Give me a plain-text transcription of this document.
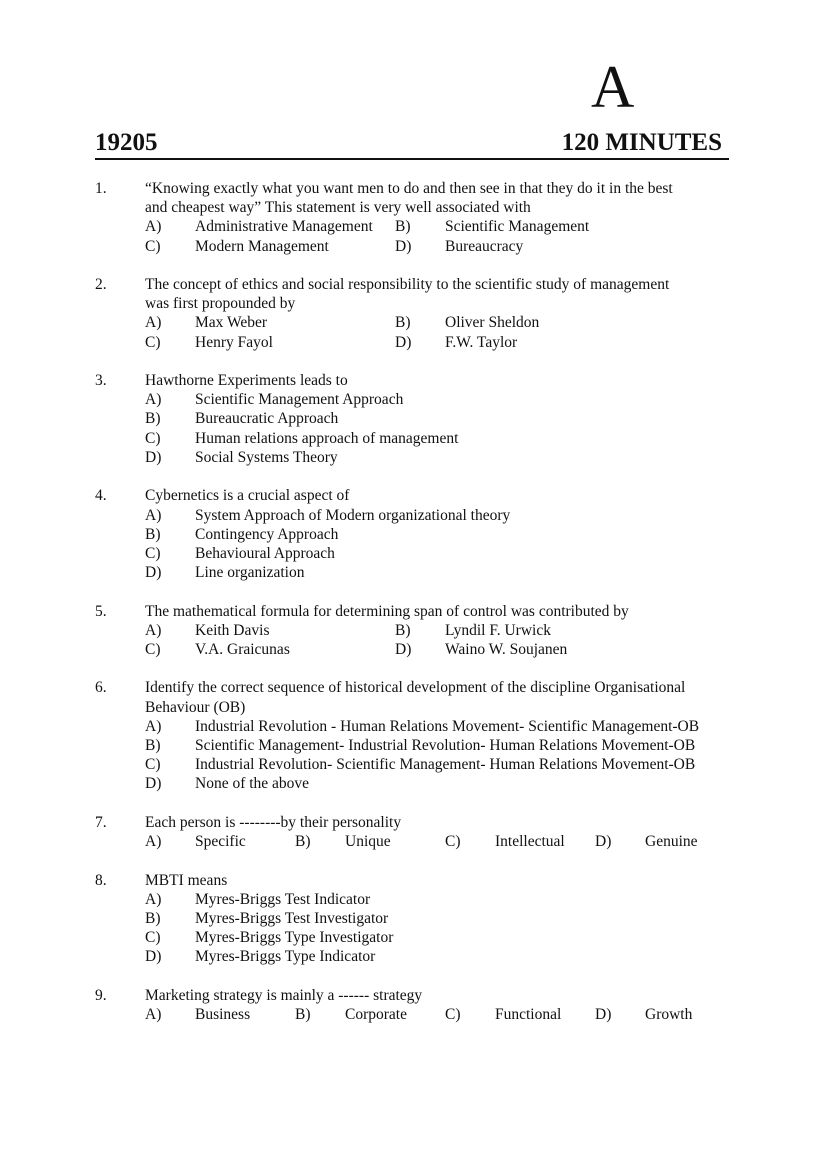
A
19205	120 MINUTES
1. “Knowing exactly what you want men to do and then see in that they do it in the best
and cheapest way” This statement is very well associated with
A) Administrative Management B) Scientific Management
C) Modern Management	D) Bureaucracy
2. The concept of ethics and social responsibility to the scientific study of management
was first propounded by
A) Max Weber	B) Oliver Sheldon
C) Henry Fayol	D) F.W. Taylor
3. Hawthorne Experiments leads to
A) Scientific Management Approach
B) Bureaucratic Approach
C) Human relations approach of management
D) Social Systems Theory
4. Cybernetics is a crucial aspect of
A) System Approach of Modern organizational theory
B) Contingency Approach
C) Behavioural Approach
D) Line organization
5. The mathematical formula for determining span of control was contributed by
A) Keith Davis	B) Lyndil F. Urwick
C) V.A. Graicunas	D) Waino W. Soujanen
6. Identify the correct sequence of historical development of the discipline Organisational
Behaviour (OB)
A) Industrial Revolution - Human Relations Movement- Scientific Management-OB
B) Scientific Management- Industrial Revolution- Human Relations Movement-OB
C) Industrial Revolution- Scientific Management- Human Relations Movement-OB
D) None of the above
7. Each person is --------by their personality
A) Specific	B) Unique	C) Intellectual D) Genuine
8. MBTI means
A) Myres-Briggs Test Indicator
B) Myres-Briggs Test Investigator
C) Myres-Briggs Type Investigator
D) Myres-Briggs Type Indicator
9. Marketing strategy is mainly a ------ strategy
A) Business	B) Corporate C) Functional D) Growth
